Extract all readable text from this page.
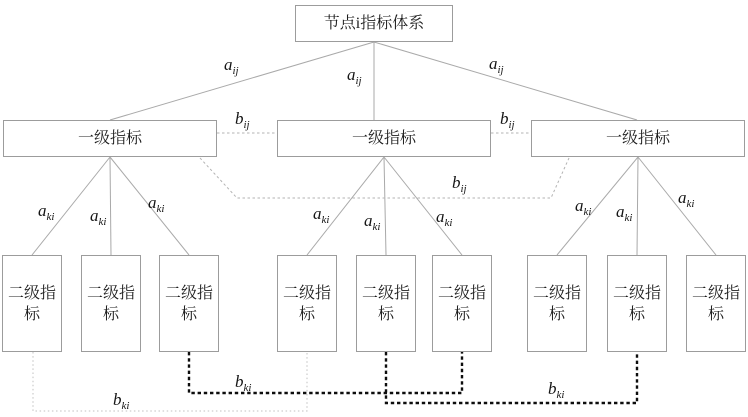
节点i指标体系
一级指标	一级指标	一级指标
二级指标
二级指标
二级指标
二级指标
二级指标
二级指标
二级指标
二级指标
二级指标
$a_{ij}$	$a_{ij}$
$a_{ij}$
$b_{ij}$	$b_{ij}$
$b_{ij}$
$a_{ki}$ $a_{ki}$
$a_{ki}$	$a_{ki}$ $a_{ki}$
$a_{ki}$
$a_{ki}$ $a_{ki}$
$a_{ki}$
$b_{ki}$
$b_{ki}$	$b_{ki}$
